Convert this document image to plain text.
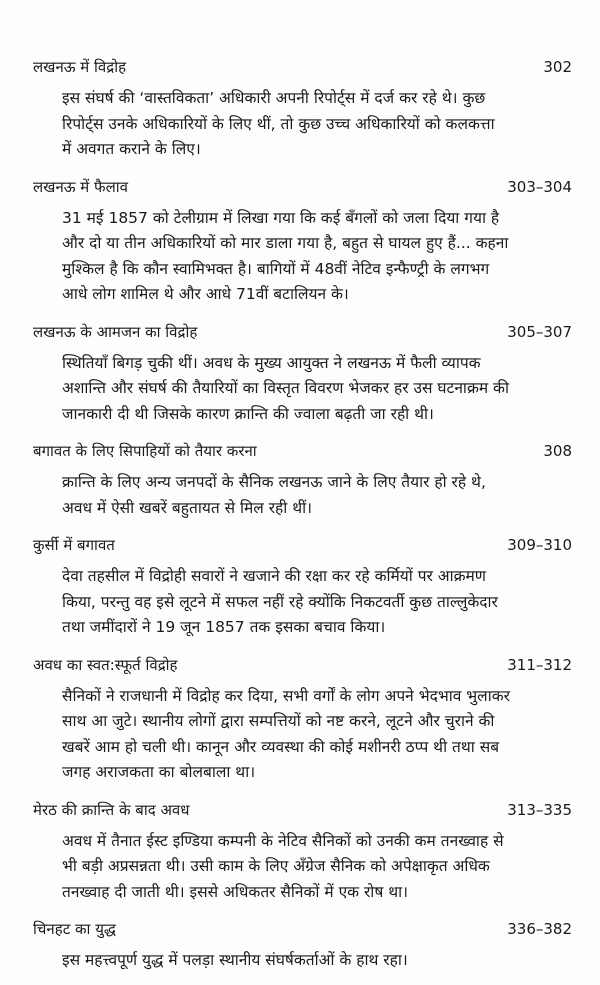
लखनऊ में विद्रोह	302
इस संघर्ष की ‘वास्तविकता’ अधिकारी अपनी रिपोर्ट्स में दर्ज कर रहे थे। कुछ
रिपोर्ट्स उनके अधिकारियों के लिए थीं, तो कुछ उच्च अधिकारियों को कलकत्ता
में अवगत कराने के लिए।
लखनऊ में फैलाव	303–304
31 मई 1857 को टेलीग्राम में लिखा गया कि कई बँगलों को जला दिया गया है
और दो या तीन अधिकारियों को मार डाला गया है, बहुत से घायल हुए हैं... कहना
मुश्किल है कि कौन स्वामिभक्त है। बागियों में 48वीं नेटिव इन्फैण्ट्री के लगभग
आधे लोग शामिल थे और आधे 71वीं बटालियन के।
लखनऊ के आमजन का विद्रोह	305–307
स्थितियाँ बिगड़ चुकी थीं। अवध के मुख्य आयुक्त ने लखनऊ में फैली व्यापक
अशान्ति और संघर्ष की तैयारियों का विस्तृत विवरण भेजकर हर उस घटनाक्रम की
जानकारी दी थी जिसके कारण क्रान्ति की ज्वाला बढ़ती जा रही थी।
बगावत के लिए सिपाहियों को तैयार करना	308
क्रान्ति के लिए अन्य जनपदों के सैनिक लखनऊ जाने के लिए तैयार हो रहे थे,
अवध में ऐसी खबरें बहुतायत से मिल रही थीं।
कुर्सी में बगावत	309–310
देवा तहसील में विद्रोही सवारों ने खजाने की रक्षा कर रहे कर्मियों पर आक्रमण
किया, परन्तु वह इसे लूटने में सफल नहीं रहे क्योंकि निकटवर्ती कुछ ताल्लुकेदार
तथा जमींदारों ने 19 जून 1857 तक इसका बचाव किया।
अवध का स्वत:स्फूर्त विद्रोह	311–312
सैनिकों ने राजधानी में विद्रोह कर दिया, सभी वर्गों के लोग अपने भेदभाव भुलाकर
साथ आ जुटे। स्थानीय लोगों द्वारा सम्पत्तियों को नष्ट करने, लूटने और चुराने की
खबरें आम हो चली थी। कानून और व्यवस्था की कोई मशीनरी ठप्प थी तथा सब
जगह अराजकता का बोलबाला था।
मेरठ की क्रान्ति के बाद अवध	313–335
अवध में तैनात ईस्ट इण्डिया कम्पनी के नेटिव सैनिकों को उनकी कम तनख्वाह से
भी बड़ी अप्रसन्नता थी। उसी काम के लिए अँग्रेज सैनिक को अपेक्षाकृत अधिक
तनख्वाह दी जाती थी। इससे अधिकतर सैनिकों में एक रोष था।
चिनहट का युद्ध	336–382
इस महत्त्वपूर्ण युद्ध में पलड़ा स्थानीय संघर्षकर्ताओं के हाथ रहा।
